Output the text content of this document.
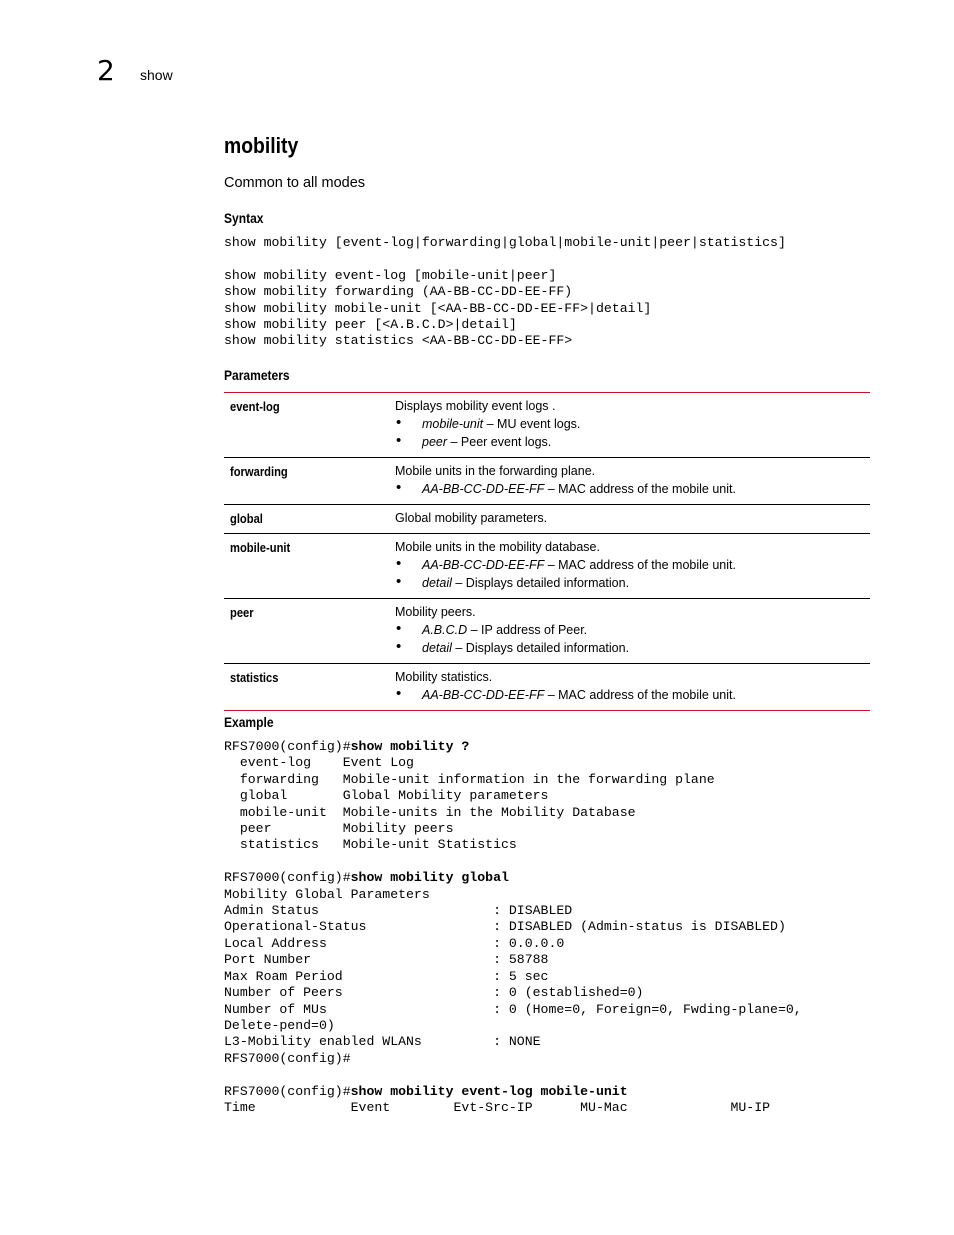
2 show
mobility
Common to all modes
Syntax
show mobility [event-log|forwarding|global|mobile-unit|peer|statistics]

show mobility event-log [mobile-unit|peer]
show mobility forwarding (AA-BB-CC-DD-EE-FF)
show mobility mobile-unit [<AA-BB-CC-DD-EE-FF>|detail]
show mobility peer [<A.B.C.D>|detail]
show mobility statistics <AA-BB-CC-DD-EE-FF>
Parameters
event-log	Displays mobility event logs .
• mobile-unit – MU event logs.
• peer – Peer event logs.
forwarding	Mobile units in the forwarding plane.
• AA-BB-CC-DD-EE-FF – MAC address of the mobile unit.
global	Global mobility parameters.
mobile-unit	Mobile units in the mobility database.
• AA-BB-CC-DD-EE-FF – MAC address of the mobile unit.
• detail – Displays detailed information.
peer	Mobility peers.
• A.B.C.D – IP address of Peer.
• detail – Displays detailed information.
statistics	Mobility statistics.
• AA-BB-CC-DD-EE-FF – MAC address of the mobile unit.
Example
RFS7000(config)#show mobility ?
event-log    Event Log
forwarding   Mobile-unit information in the forwarding plane
global       Global Mobility parameters
mobile-unit  Mobile-units in the Mobility Database
peer         Mobility peers
statistics   Mobile-unit Statistics

RFS7000(config)#show mobility global
Mobility Global Parameters
Admin Status                      : DISABLED
Operational-Status                : DISABLED (Admin-status is DISABLED)
Local Address                     : 0.0.0.0
Port Number                       : 58788
Max Roam Period                   : 5 sec
Number of Peers                   : 0 (established=0)
Number of MUs                     : 0 (Home=0, Foreign=0, Fwding-plane=0,
Delete-pend=0)
L3-Mobility enabled WLANs         : NONE
RFS7000(config)#

RFS7000(config)#show mobility event-log mobile-unit
Time            Event        Evt-Src-IP      MU-Mac             MU-IP
